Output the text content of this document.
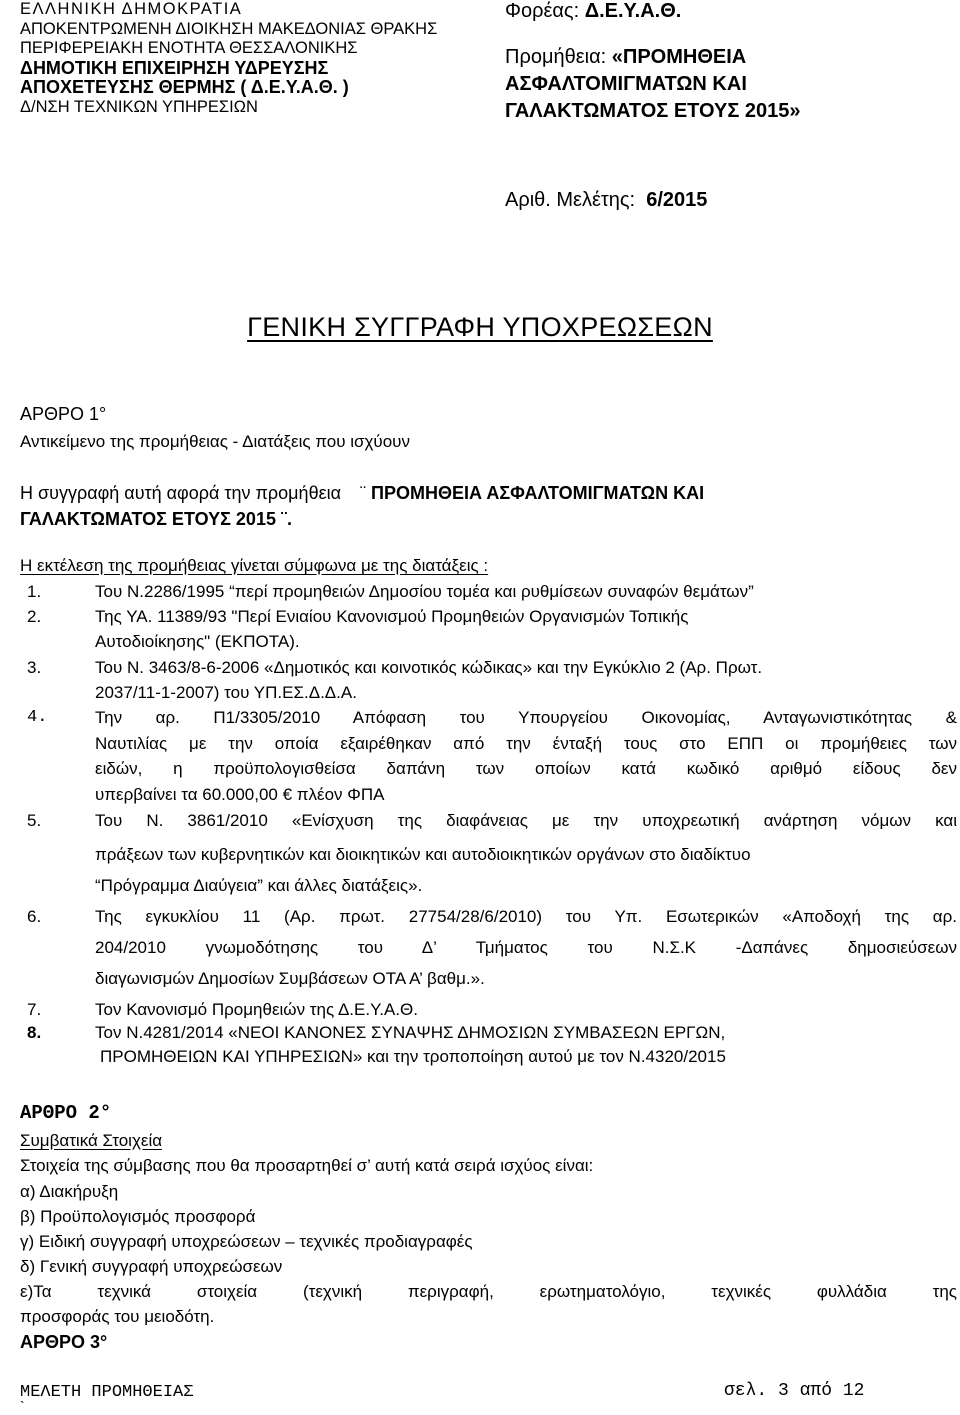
ΕΛΛΗΝΙΚΗ ΔΗΜΟΚΡΑΤΙΑ
ΑΠΟΚΕΝΤΡΩΜΕΝΗ ΔΙΟΙΚΗΣΗ ΜΑΚΕΔΟΝΙΑΣ ΘΡΑΚΗΣ
ΠΕΡΙΦΕΡΕΙΑΚΗ ΕΝΟΤΗΤΑ ΘΕΣΣΑΛΟΝΙΚΗΣ
ΔΗΜΟΤΙΚΗ ΕΠΙΧΕΙΡΗΣΗ ΥΔΡΕΥΣΗΣ
ΑΠΟΧΕΤΕΥΣΗΣ ΘΕΡΜΗΣ ( Δ.Ε.Υ.Α.Θ. )
Δ/ΝΣΗ ΤΕΧΝΙΚΩΝ ΥΠΗΡΕΣΙΩΝ
Φορέας: Δ.Ε.Υ.Α.Θ.
Προμήθεια: «ΠΡΟΜΗΘΕΙΑ
ΑΣΦΑΛΤΟΜΙΓΜΑΤΩΝ ΚΑΙ
ΓΑΛΑΚΤΩΜΑΤΟΣ ΕΤΟΥΣ 2015»
Αριθ. Μελέτης: 6/2015
ΓΕΝΙΚΗ ΣΥΓΓΡΑΦΗ ΥΠΟΧΡΕΩΣΕΩΝ
ΑΡΘΡΟ 1°
Αντικείμενο της προμήθειας - Διατάξεις που ισχύουν
Η συγγραφή αυτή αφορά την προμήθεια ¨ ΠΡΟΜΗΘΕΙΑ ΑΣΦΑΛΤΟΜΙΓΜΑΤΩΝ ΚΑΙ
ΓΑΛΑΚΤΩΜΑΤΟΣ ΕΤΟΥΣ 2015 ¨.
Η εκτέλεση της προμήθειας γίνεται σύμφωνα με της διατάξεις :
1.	Του Ν.2286/1995 “περί προμηθειών Δημοσίου τομέα και ρυθμίσεων συναφών θεμάτων”
2.	Της ΥΑ. 11389/93 "Περί Ενιαίου Κανονισμού Προμηθειών Οργανισμών Τοπικής
Αυτοδιοίκησης" (ΕΚΠΟΤΑ).
3.	Του Ν. 3463/8-6-2006 «Δημοτικός και κοινοτικός κώδικας» και την Εγκύκλιο 2 (Αρ. Πρωτ.
2037/11-1-2007) του ΥΠ.ΕΣ.Δ.Δ.Α.
4.	Την αρ. Π1/3305/2010 Απόφαση του Υπουργείου Οικονομίας, Ανταγωνιστικότητας &
Ναυτιλίας με την οποία εξαιρέθηκαν από την ένταξή τους στο ΕΠΠ οι προμήθειες των
ειδών, η προϋπολογισθείσα δαπάνη των οποίων κατά κωδικό αριθμό είδους δεν
υπερβαίνει τα 60.000,00 € πλέον ΦΠΑ
5.	Του Ν. 3861/2010 «Ενίσχυση της διαφάνειας με την υποχρεωτική ανάρτηση νόμων και
πράξεων των κυβερνητικών και διοικητικών και αυτοδιοικητικών οργάνων στο διαδίκτυο
“Πρόγραμμα Διαύγεια” και άλλες διατάξεις».
6.	Της εγκυκλίου 11 (Αρ. πρωτ. 27754/28/6/2010) του Υπ. Εσωτερικών «Αποδοχή της αρ.
204/2010 γνωμοδότησης του Δ’ Τμήματος του Ν.Σ.Κ -Δαπάνες δημοσιεύσεων
διαγωνισμών Δημοσίων Συμβάσεων ΟΤΑ Α’ βαθμ.».
7.	Τον Κανονισμό Προμηθειών της Δ.Ε.Υ.Α.Θ.
8.	Τον Ν.4281/2014 «ΝΕΟΙ ΚΑΝΟΝΕΣ ΣΥΝΑΨΗΣ ΔΗΜΟΣΙΩΝ ΣΥΜΒΑΣΕΩΝ ΕΡΓΩΝ,
ΠΡΟΜΗΘΕΙΩΝ ΚΑΙ ΥΠΗΡΕΣΙΩΝ» και την τροποποίηση αυτού με τον Ν.4320/2015
ΑΡΘΡΟ 2°
Συμβατικά Στοιχεία
Στοιχεία της σύμβασης που θα προσαρτηθεί σ’ αυτή κατά σειρά ισχύος είναι:
α) Διακήρυξη
β) Προϋπολογισμός προσφορά
γ) Ειδική συγγραφή υποχρεώσεων – τεχνικές προδιαγραφές
δ) Γενική συγγραφή υποχρεώσεων
ε)Τα τεχνικά στοιχεία (τεχνική περιγραφή, ερωτηματολόγιο, τεχνικές φυλλάδια της
προσφοράς του μειοδότη.
ΑΡΘΡΟ 3°
ΜΕΛΕΤΗ ΠΡΟΜΗΘΕΙΑΣ	σελ. 3 από 12
`
